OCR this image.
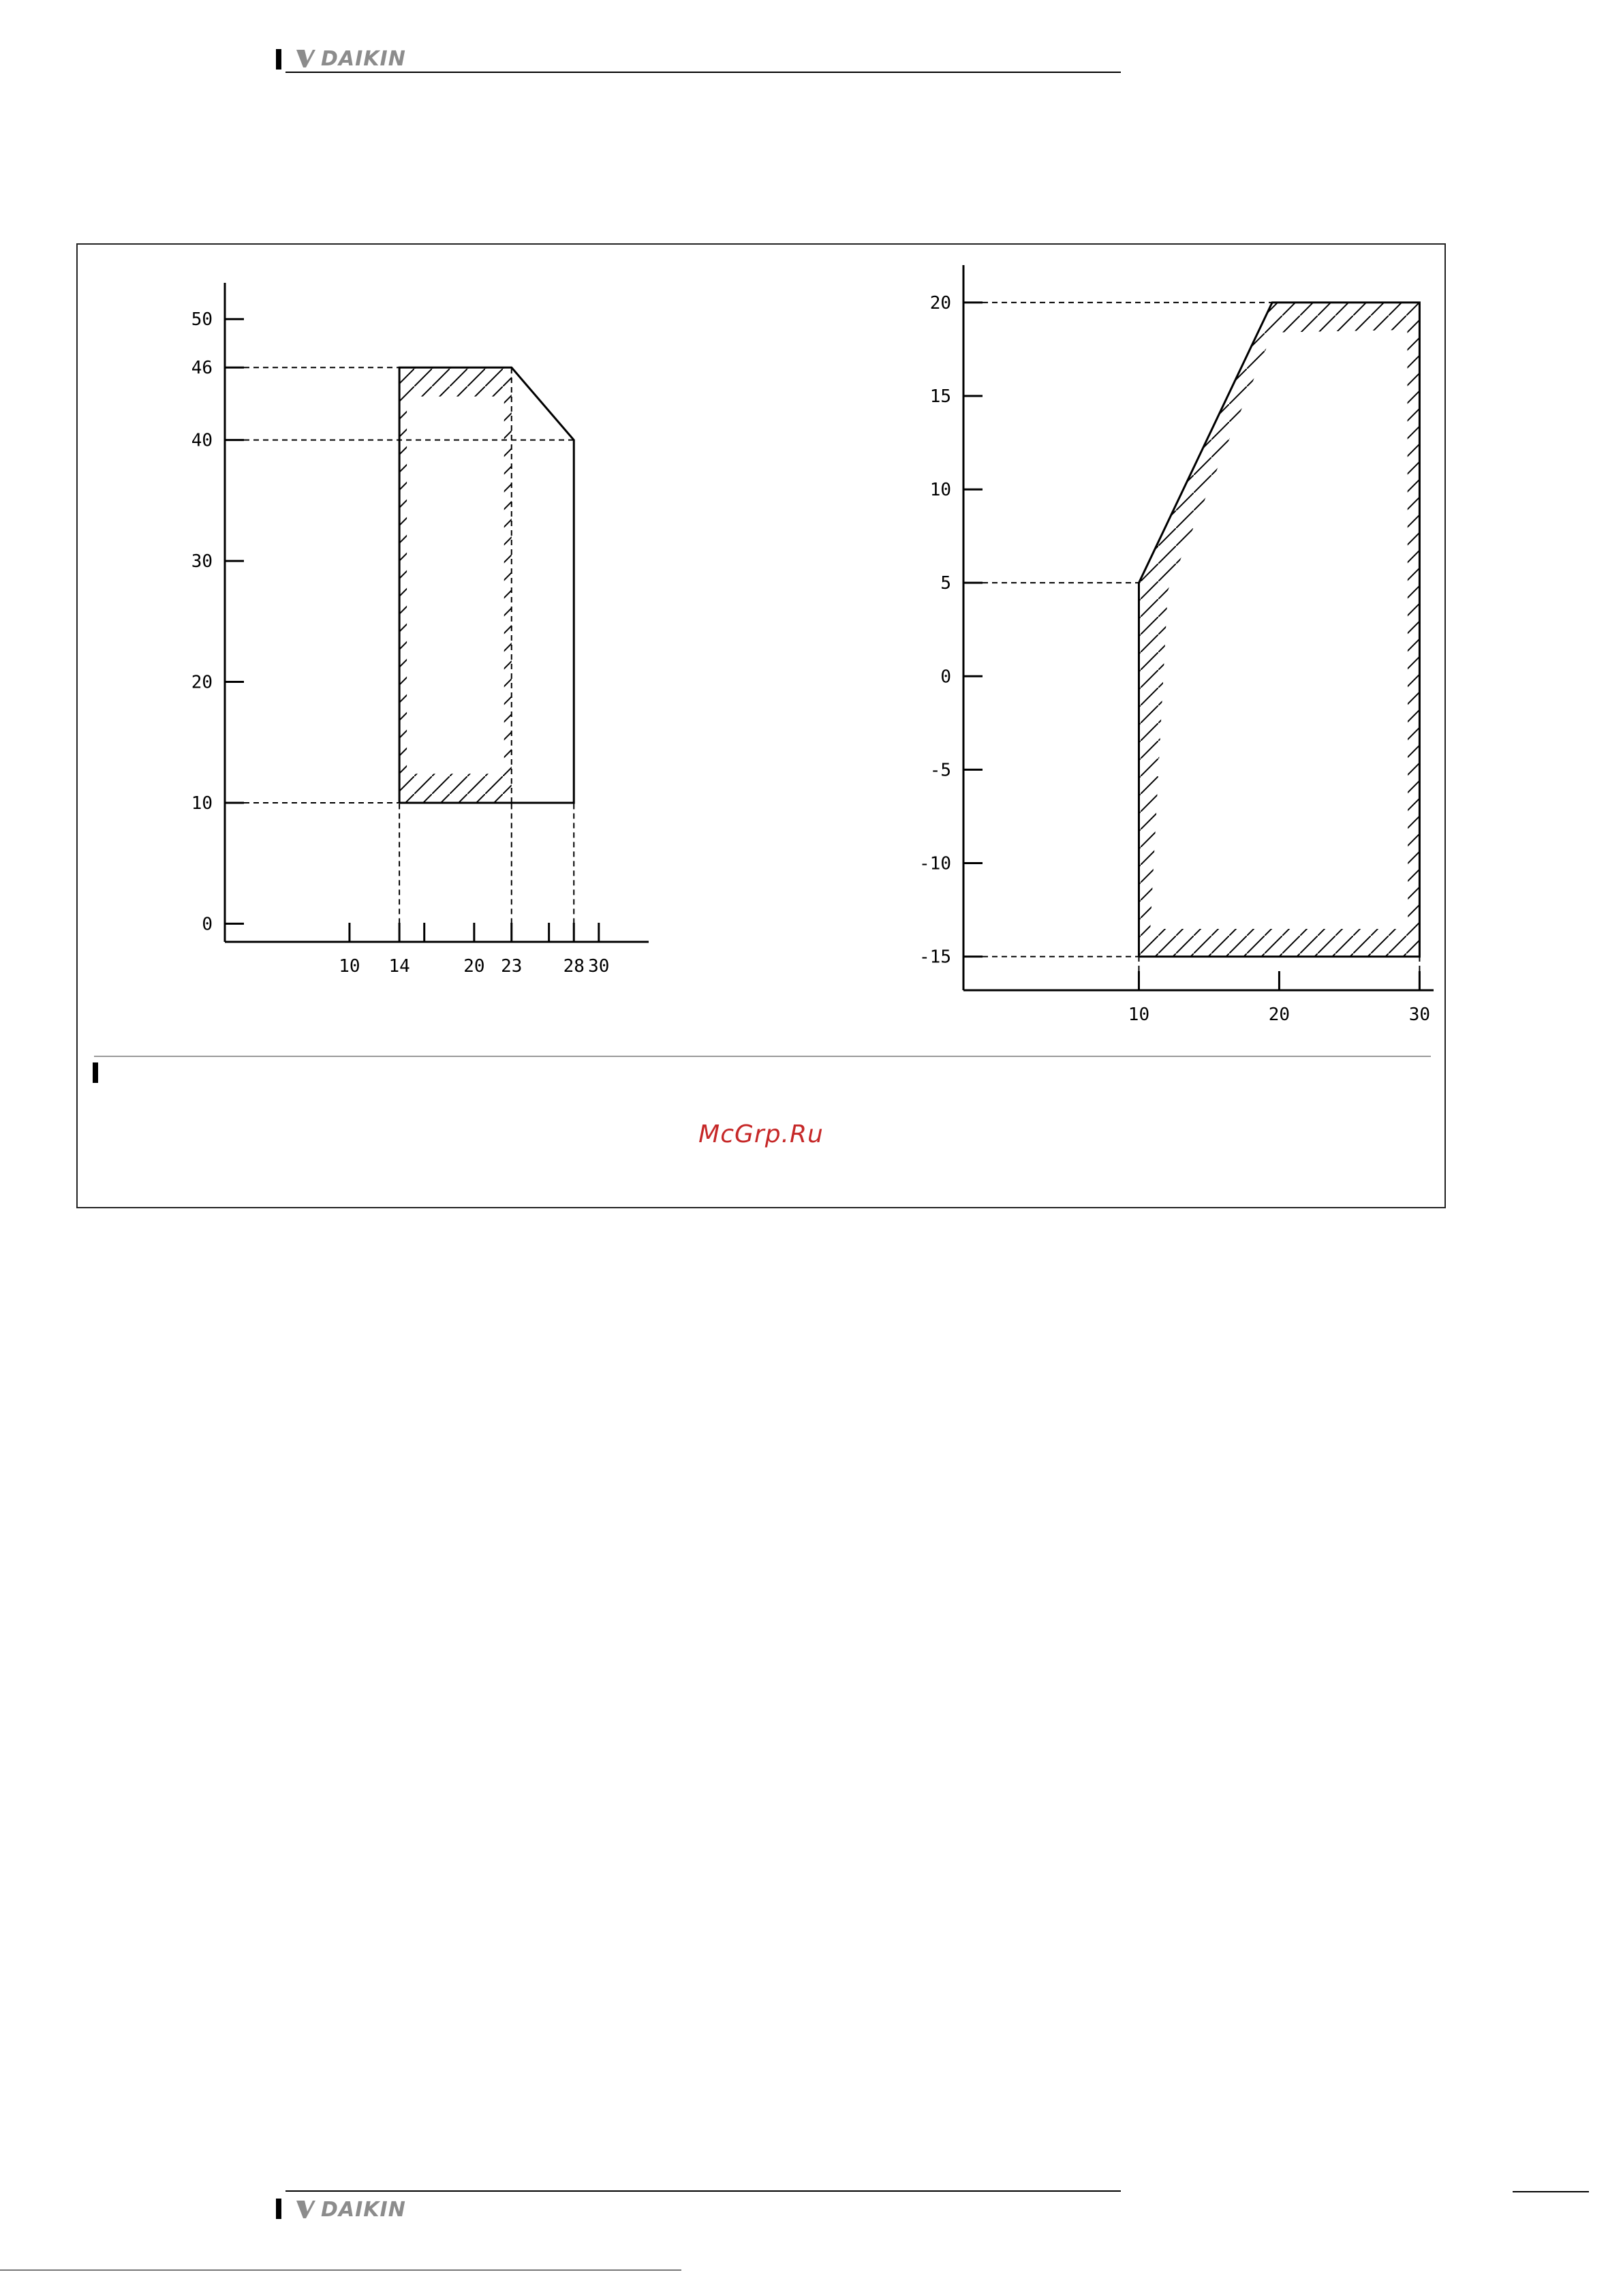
DAIKIN
0
10
20
30
40
46
50
10 14	20 23 28 30	-15
-10
-5
0
5
10
15
20
10	20	30
McGrp.Ru
DAIKIN
